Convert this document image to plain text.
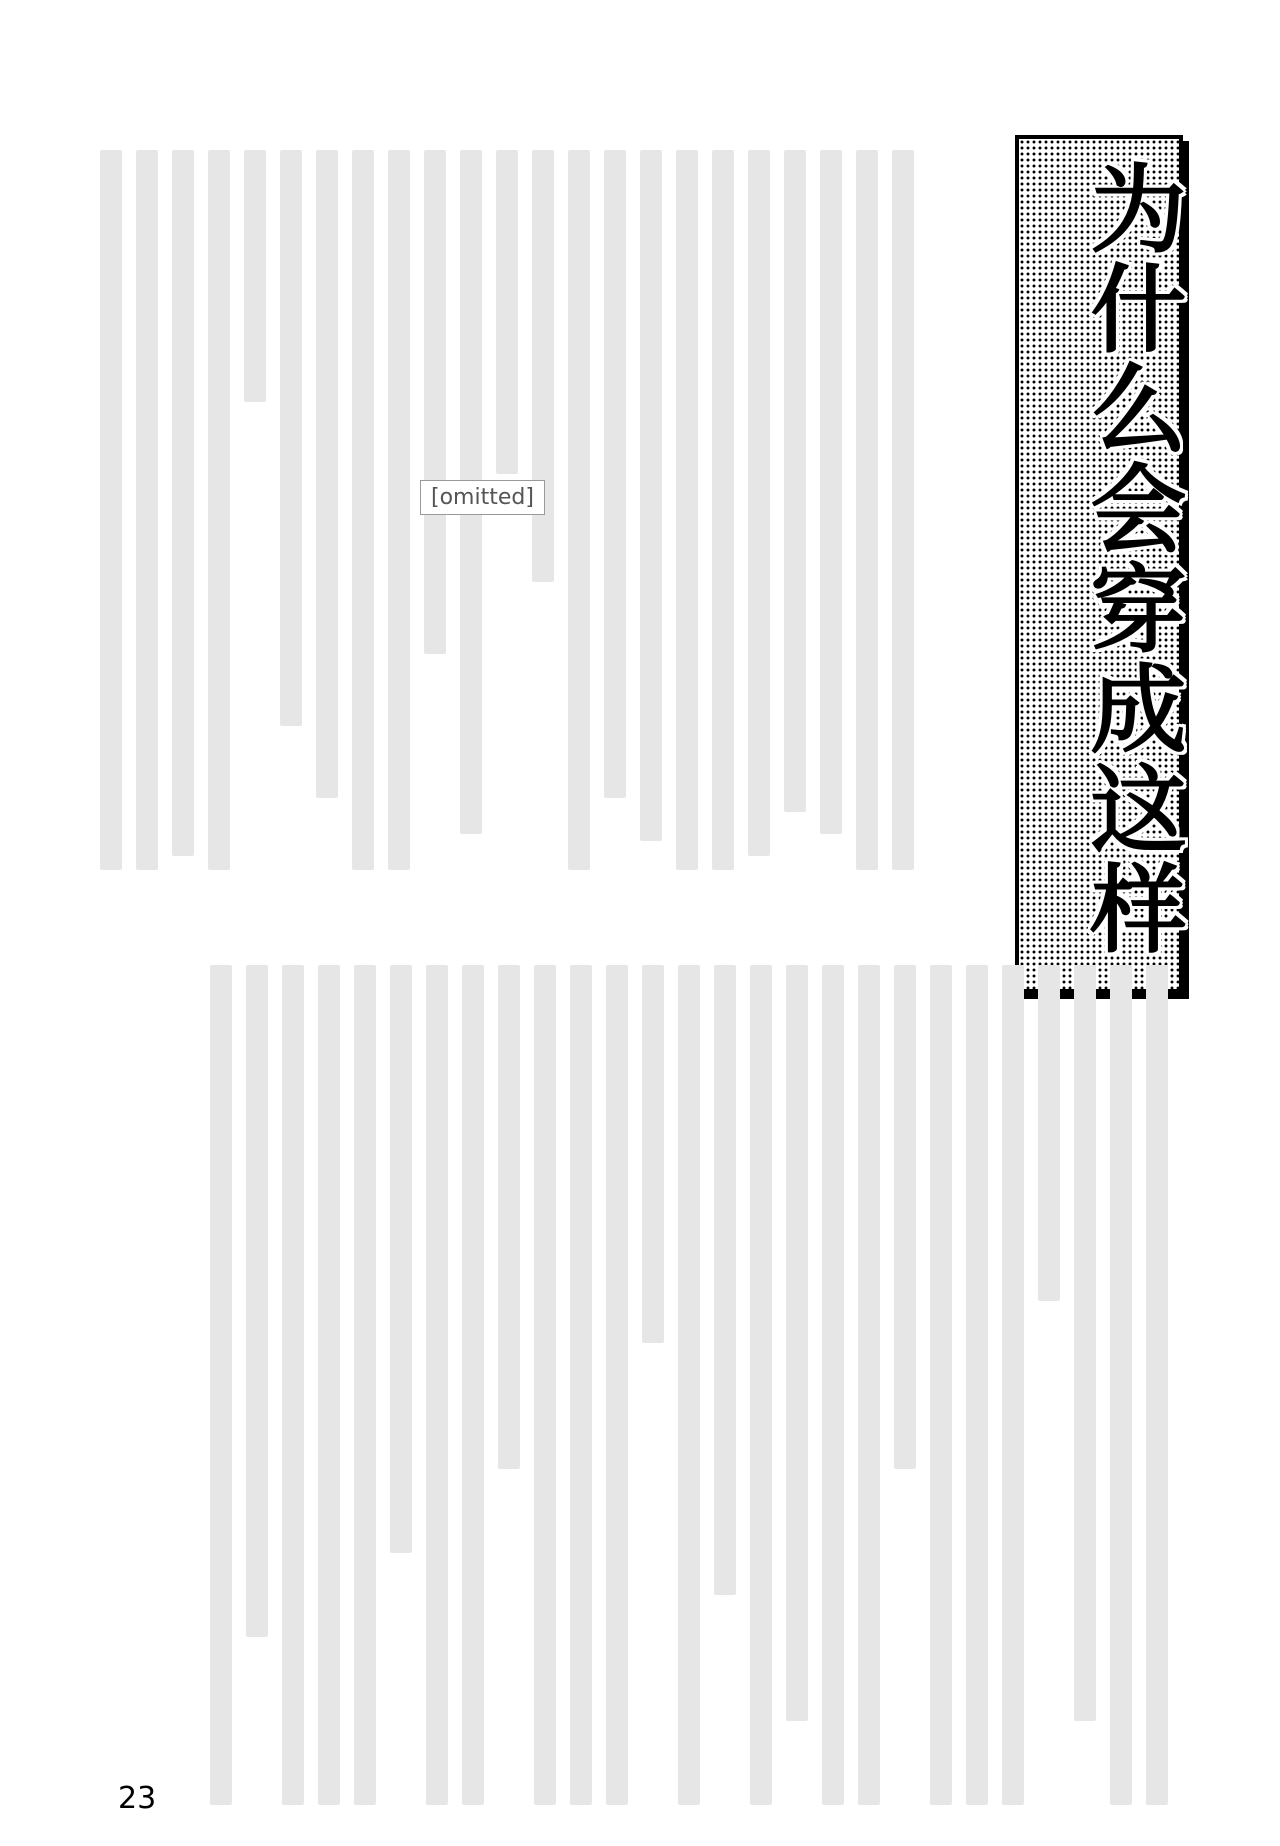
为什么会穿成这样
[omitted]
23
